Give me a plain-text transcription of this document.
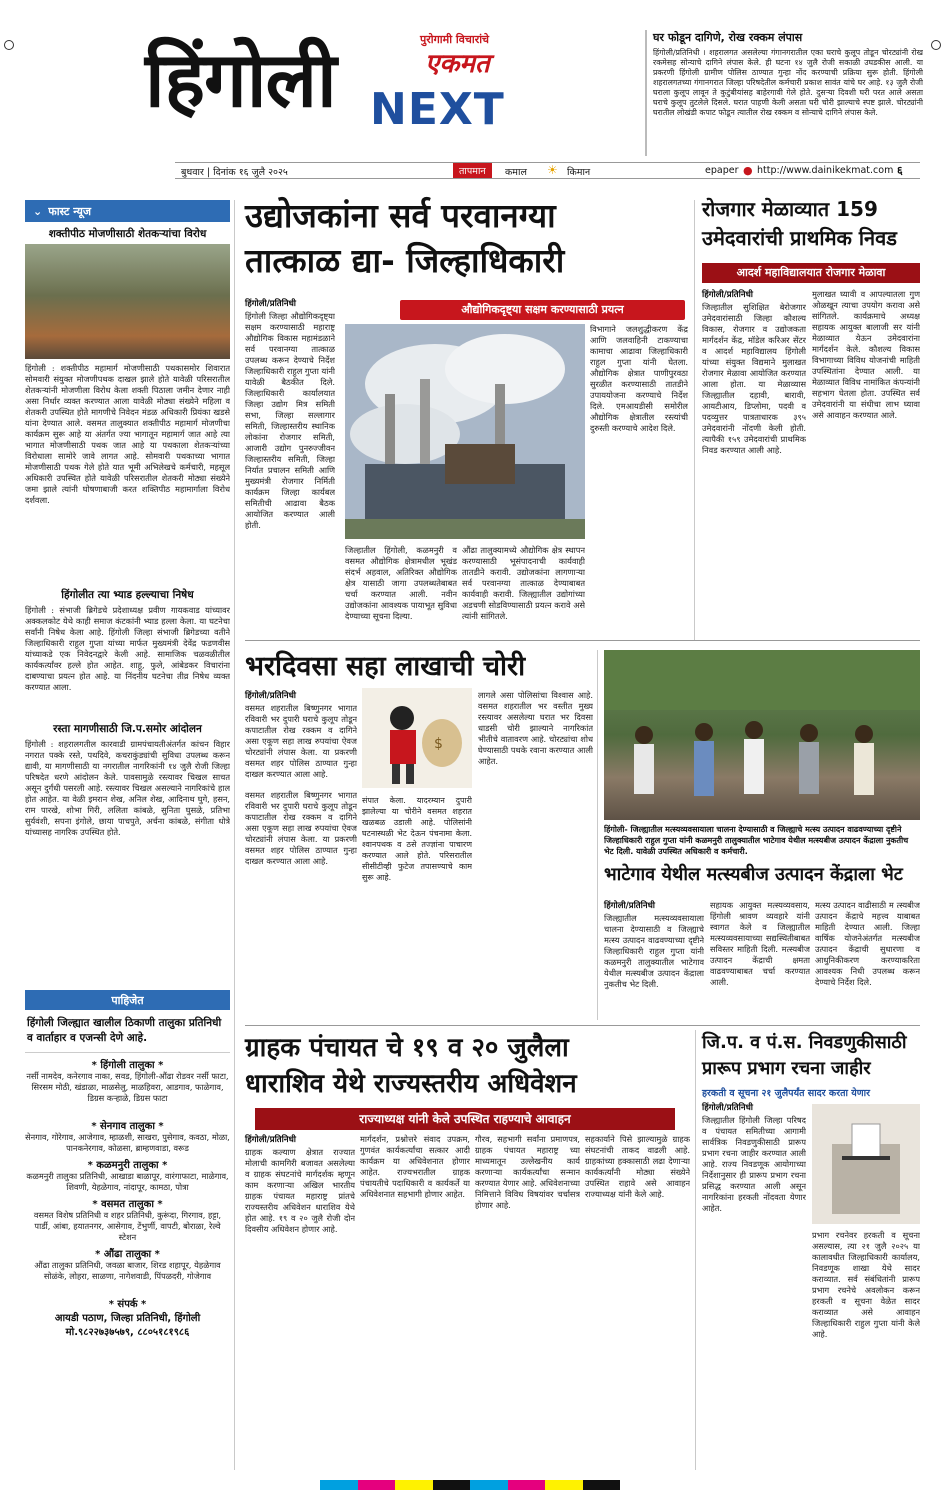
हिंगोली	पुरोगामी विचारांचे
एकमत
NEXT
घर फोडून दागिणे, रोख रक्कम लंपास
हिंगोली/प्रतिनिधी । शहरालगत असलेल्या गंगानगरातील एका घराचे कुलूप तोडून चोरट्यांनी रोख रकमेसह सोन्याचे दागिने लंपास केले. ही घटना १४ जुलै रोजी सकाळी उघडकीस आली. या प्रकरणी हिंगोली ग्रामीण पोलिस ठाण्यात गुन्हा नोंद करण्याची प्रक्रिया सुरू होती. हिंगोली शहरालगतच्या गंगानगरात जिल्हा परिषदेतील कर्मचारी प्रकाश सावंत यांचे घर आहे. १३ जुलै रोजी घराला कुलूप लावून ते कुटुंबीयांसह बाहेरगावी गेले होते. दुसऱ्या दिवशी घरी परत आले असता घराचे कुलूप तुटलेले दिसले. घरात पाहणी केली असता घरी चोरी झाल्याचे स्पष्ट झाले. चोरट्यांनी घरातील लोखंडी कपाट फोडून त्यातील रोख रक्कम व सोन्याचे दागिने लंपास केले.
बुधवार | दिनांक १६ जुलै २०२५	तापमान	कमाल ☀ किमान	epaper ● http://www.dainikekmat.com ६
⌄ फास्ट न्यूज
शक्तीपीठ मोजणीसाठी शेतकऱ्यांचा विरोध
हिंगोली : शक्तीपीठ महामार्ग मोजणीसाठी पथकासमोर शिवारात सोमवारी संयुक्त मोजणीपथक दाखल झाले होते यावेळी परिसरातील शेतकऱ्यांनी मोजणीला विरोध केला शक्ती पिठाला जमीन देणार नाही असा निर्धार व्यक्त करण्यात आला यावेळी मोठ्या संख्येने महिला व शेतकरी उपस्थित होते मागणीचे निवेदन मंडळ अधिकारी प्रियंका खडसे यांना देण्यात आले. वसमत तालुक्यात शक्तीपीठ महामार्ग मोजणीचा कार्यक्रम सुरू आहे या अंतर्गत ज्या भागातून महामार्ग जात आहे त्या भागात मोजणीसाठी पथक जात आहे या पथकाला शेतकऱ्यांच्या विरोधाला सामोरे जावे लागत आहे. सोमवारी पथकाच्या भागात मोजणीसाठी पथक गेले होते यात भूमी अभिलेखचे कर्मचारी, महसूल अधिकारी उपस्थित होते यावेळी परिसरातील शेतकरी मोठ्या संख्येने जमा झाले त्यांनी घोषणाबाजी करत शक्तिपीठ महामार्गाला विरोध दर्शवला.
हिंगोलीत त्या भ्याड हल्ल्याचा निषेध
हिंगोली : संभाजी ब्रिगेडचे प्रदेशाध्यक्ष प्रवीण गायकवाड यांच्यावर अक्कलकोट येथे काही समाज कंटकांनी भ्याड हल्ला केला. या घटनेचा सर्वांनी निषेध केला आहे. हिंगोली जिल्हा संभाजी ब्रिगेडच्या वतीने जिल्हाधिकारी राहुल गुप्ता यांच्या मार्फत मुख्यमंत्री देवेंद्र फडणवीस यांच्याकडे एक निवेदनद्वारे केली आहे. सामाजिक चळवळीतील कार्यकर्त्यांवर हल्ले होत आहेत. शाहू, फुले, आंबेडकर विचारांना दाबण्याचा प्रयत्न होत आहे. या निंदनीय घटनेचा तीव्र निषेध व्यक्त करण्यात आला.
रस्ता मागणीसाठी जि.प.समोर आंदोलन
हिंगोली : शहरालगतील कारवाडी ग्रामपंचायतीअंतर्गत कांचन विहार नगरात पक्के रस्ते, पथदिवे, कचराकुंड्यांची सुविधा उपलब्ध करून द्यावी, या मागणीसाठी या नगरातील नागरिकांनी १४ जुलै रोजी जिल्हा परिषदेत धरणे आंदोलन केले. पावसामुळे रस्त्यावर चिखल साचत असून दुर्गंधी पसरली आहे. रस्त्यावर चिखल असल्याने नागरिकांचे हाल होत आहेत. या वेळी इमरान शेख, अनिल शेख, आदिनाथ घुगे, हसन, राम पारखे, शोभा गिरी, ललिता कांबळे, सुनिता घुसळे, प्रतिभा सुर्यवंशी, सपना इंगोले, छाया पाचपुते, अर्चना कांबळे, संगीता धोत्रे यांच्यासह नागरिक उपस्थित होते.
पाहिजेत
हिंगोली जिल्ह्यात खालील ठिकाणी तालुका प्रतिनिधी व वार्ताहार व एजन्सी देणे आहे.
* हिंगोली तालुका *
नर्सी नामदेव, कनेरगाव नाका, सवड, हिंगोली-औंढा रोडवर नर्सी फाटा, सिरसम मोठी, खंडाळा, माळसेलु, माळहिवरा, आडगाव, फाळेगाव, डिग्रस कऱ्हाळे, डिग्रस फाटा
* सेनगाव तालुका *
सेनगाव, गोरेगाव, आजेगाव, म्हाळशी, साखरा, पुसेगाव, कवठा, मोळा, पानकनेरगाव, कोळसा, ब्राम्हणवाडा, वरूड
* कळमनुरी तालुका *
कळमनुरी तालुका प्रतिनिधी, आखाडा बाळापूर, वारंगाफाटा, माळेगाव, शिवणी, येहळेगाव, नांदापूर, कामठा, पोत्रा
* वसमत तालुका *
वसमत विशेष प्रतिनिधी व शहर प्रतिनिधी, कुरूंदा, गिरगाव, हट्टा, पार्डी, आंबा, हयातनगर, आसेगाव, टेंभुर्णी, वापटी, बोराळा, रेल्वे स्टेशन
* औंढा तालुका *
औंढा तालुका प्रतिनिधी, जवळा बाजार, शिरड शहापूर, येहळेगाव सोळंके, लोहरा, साळणा, नागेशवाडी, पिंपळदरी, गोजेगाव
* संपर्क *
आयडी पठाण, जिल्हा प्रतिनिधी, हिंगोली
मो.९८२२७३७५७९, ८८०५१८१९८६
उद्योजकांना सर्व परवानग्या
तात्काळ द्या- जिल्हाधिकारी
औद्योगिकदृष्ट्या सक्षम करण्यासाठी प्रयत्न
हिंगोली/प्रतिनिधी
हिंगोली जिल्हा औद्योगिकदृष्ट्या सक्षम करण्यासाठी महाराष्ट्र औद्योगिक विकास महामंडळाने सर्व परवानग्या तात्काळ उपलब्ध करून देण्याचे निर्देश जिल्हाधिकारी राहुल गुप्ता यांनी यावेळी बैठकीत दिले. जिल्हाधिकारी कार्यालयात जिल्हा उद्योग मित्र समिती सभा, जिल्हा सल्लागार समिती, जिल्हास्तरीय स्थानिक लोकांना रोजगार समिती, आजारी उद्योग पुनरुज्जीवन जिल्हास्तरीय समिती, जिल्हा निर्यात प्रचालन समिती आणि मुख्यमंत्री रोजगार निर्मिती कार्यक्रम जिल्हा कार्यबल समितीची आढावा बैठक आयोजित करण्यात आली होती.
जिल्हातील हिंगोली, कळमनुरी व वसमत औद्योगिक क्षेत्रामधील भूखंड संदर्भ अहवाल, अतिरिक्त औद्योगिक क्षेत्र यासाठी जागा उपलब्धतेबाबत चर्चा करण्यात आली. नवीन उद्योजकांना आवश्यक पायाभूत सुविधा देण्याच्या सूचना दिल्या.
औंढा तालुक्यामध्ये औद्योगिक क्षेत्र स्थापन करण्यासाठी भूसंपादनाची कार्यवाही तातडीने करावी. उद्योजकांना लागणाऱ्या सर्व परवानग्या तात्काळ देण्याबाबत कार्यवाही करावी. जिल्ह्यातील उद्योगांच्या अडचणी सोडविण्यासाठी प्रयत्न करावे असे त्यांनी सांगितले.
विभागाने जलशुद्धीकरण केंद्र आणि जलवाहिनी टाकण्याचा कामाचा आढावा जिल्हाधिकारी राहुल गुप्ता यांनी घेतला. औद्योगिक क्षेत्रात पाणीपुरवठा सुरळीत करण्यासाठी तातडीने उपाययोजना करण्याचे निर्देश दिले. एमआयडीसी समोरील औद्योगिक क्षेत्रातील रस्त्यांची दुरुस्ती करण्याचे आदेश दिले.
रोजगार मेळाव्यात 159
उमेदवारांची प्राथमिक निवड
आदर्श महाविद्यालयात रोजगार मेळावा
हिंगोली/प्रतिनिधी
जिल्हातील सुशिक्षित बेरोजगार उमेदवारांसाठी जिल्हा कौशल्य विकास, रोजगार व उद्योजकता मार्गदर्शन केंद्र, मॉडेल करिअर सेंटर व आदर्श महाविद्यालय हिंगोली यांच्या संयुक्त विद्यमाने मुलाखत रोजगार मेळावा आयोजित करण्यात आला होता. या मेळाव्यास जिल्ह्यातील दहावी, बारावी, आयटीआय, डिप्लोमा, पदवी व पदव्युत्तर पात्रताधारक ३९५ उमेदवारांनी नोंदणी केली होती. त्यापैकी १५९ उमेदवारांची प्राथमिक निवड करण्यात आली आहे.
मुलाखत घ्यावी व आपल्यातला गुण ओळखून त्याचा उपयोग करावा असे सांगितले. कार्यक्रमाचे अध्यक्ष सहायक आयुक्त बालाजी सर यांनी मेळाव्यात येऊन उमेदवारांना मार्गदर्शन केले. कौशल्य विकास विभागाच्या विविध योजनांची माहिती उपस्थितांना देण्यात आली. या मेळाव्यात विविध नामांकित कंपन्यांनी सहभाग घेतला होता. उपस्थित सर्व उमेदवारांनी या संधीचा लाभ घ्यावा असे आवाहन करण्यात आले.
भरदिवसा सहा लाखाची चोरी
हिंगोली/प्रतिनिधी
वसमत शहरातील बिष्णुनगर भागात रविवारी भर दुपारी घराचे कुलूप तोडून कपाटातील रोख रक्कम व दागिने असा एकूण सहा लाख रुपयांचा ऐवज चोरट्यांनी लंपास केला. या प्रकरणी वसमत शहर पोलिस ठाण्यात गुन्हा दाखल करण्यात आला आहे.
$
संपात केला. यादरम्यान दुपारी झालेल्या या चोरीने वसमत शहरात खळबळ उडाली आहे. पोलिसांनी घटनास्थळी भेट देऊन पंचनामा केला. श्वानपथक व ठसे तज्ज्ञांना पाचारण करण्यात आले होते. परिसरातील सीसीटीव्ही फुटेज तपासण्याचे काम सुरू आहे.
लागले असा पोलिसांचा विश्वास आहे. वसमत शहरातील भर वस्तीत मुख्य रस्त्यावर असलेल्या घरात भर दिवसा धाडसी चोरी झाल्याने नागरिकांत भीतीचे वातावरण आहे. चोरट्यांचा शोध घेण्यासाठी पथके रवाना करण्यात आली आहेत.
वसमत शहरातील बिष्णुनगर भागात रविवारी भर दुपारी घराचे कुलूप तोडून कपाटातील रोख रक्कम व दागिने असा एकूण सहा लाख रुपयांचा ऐवज चोरट्यांनी लंपास केला. या प्रकरणी वसमत शहर पोलिस ठाण्यात गुन्हा दाखल करण्यात आला आहे.
हिंगोली- जिल्ह्यातील मत्स्यव्यवसायाला चालना देण्यासाठी व जिल्ह्याचे मत्स्य उत्पादन वाढवण्याच्या दृष्टीने जिल्हाधिकारी राहुल गुप्ता यांनी कळमनुरी तालुक्यातील भाटेगाव येथील मत्स्यबीज उत्पादन केंद्राला नुकतीच भेट दिली. यावेळी उपस्थित अधिकारी व कर्मचारी.
भाटेगाव येथील मत्स्यबीज उत्पादन केंद्राला भेट
हिंगोली/प्रतिनिधी
जिल्ह्यातील मत्स्यव्यवसायाला चालना देण्यासाठी व जिल्ह्याचे मत्स्य उत्पादन वाढवण्याच्या दृष्टीने जिल्हाधिकारी राहुल गुप्ता यांनी कळमनुरी तालुक्यातील भाटेगाव येथील मत्स्यबीज उत्पादन केंद्राला नुकतीच भेट दिली.
सहायक आयुक्त मत्स्यव्यवसाय, हिंगोली श्रावण व्यवहारे यांनी स्वागत केले व जिल्ह्यातील मत्स्यव्यवसायाच्या सद्यस्थितीबाबत सविस्तर माहिती दिली. मत्स्यबीज उत्पादन केंद्राची क्षमता वाढवण्याबाबत चर्चा करण्यात आली.
मत्स्य उत्पादन वाढीसाठी म त्स्यबीज उत्पादन केंद्राचे महत्त्व याबाबत माहिती देण्यात आली. जिल्हा वार्षिक योजनेअंतर्गत मत्स्यबीज उत्पादन केंद्राची सुधारणा व आधुनिकीकरण करण्याकरिता आवश्यक निधी उपलब्ध करून देण्याचे निर्देश दिले.
ग्राहक पंचायत चे १९ व २० जुलैला
धाराशिव येथे राज्यस्तरीय अधिवेशन
राज्याध्यक्ष यांनी केले उपस्थित राहण्याचे आवाहन
हिंगोली/प्रतिनिधी
ग्राहक कल्याण क्षेत्रात राज्यात मोलाची कामगिरी बजावत असलेल्या व ग्राहक संघटनांचे मार्गदर्शक म्हणून काम करणाऱ्या अखिल भारतीय ग्राहक पंचायत महाराष्ट्र प्रांतचे राज्यस्तरीय अधिवेशन धाराशिव येथे होत आहे. १९ व २० जुलै रोजी दोन दिवसीय अधिवेशन होणार आहे.
मार्गदर्शन, प्रश्नोत्तरे संवाद उपक्रम, गुणवंत कार्यकर्त्यांचा सत्कार आदी कार्यक्रम या अधिवेशनात होणार आहेत. राज्यभरातील ग्राहक पंचायतीचे पदाधिकारी व कार्यकर्ते या अधिवेशनात सहभागी होणार आहेत.
गौरव, सहभागी सर्वांना प्रमाणपत्र, ग्राहक पंचायत महाराष्ट्र च्या माध्यमातून उल्लेखनीय कार्य करणाऱ्या कार्यकर्त्यांचा सन्मान करण्यात येणार आहे. अधिवेशनाच्या निमित्ताने विविध विषयांवर चर्चासत्र होणार आहे.
सहकार्याने पिसे झाल्यामुळे ग्राहक संघटनांची ताकद वाढली आहे. ग्राहकांच्या हक्कासाठी लढा देणाऱ्या कार्यकर्त्यांनी मोठ्या संख्येने उपस्थित राहावे असे आवाहन राज्याध्यक्ष यांनी केले आहे.
जि.प. व पं.स. निवडणुकीसाठी
प्रारूप प्रभाग रचना जाहीर
हरकती व सूचना २१ जुलैपर्यंत सादर करता येणार
हिंगोली/प्रतिनिधी
जिल्ह्यातील हिंगोली जिल्हा परिषद व पंचायत समितीच्या आगामी सार्वत्रिक निवडणुकीसाठी प्रारूप प्रभाग रचना जाहीर करण्यात आली आहे. राज्य निवडणूक आयोगाच्या निर्देशानुसार ही प्रारूप प्रभाग रचना प्रसिद्ध करण्यात आली असून नागरिकांना हरकती नोंदवता येणार आहेत.
प्रभाग रचनेवर हरकती व सूचना असल्यास, त्या २१ जुलै २०२५ या कालावधीत जिल्हाधिकारी कार्यालय, निवडणूक शाखा येथे सादर कराव्यात. सर्व संबंधितांनी प्रारूप प्रभाग रचनेचे अवलोकन करून हरकती व सूचना वेळेत सादर कराव्यात असे आवाहन जिल्हाधिकारी राहुल गुप्ता यांनी केले आहे.
